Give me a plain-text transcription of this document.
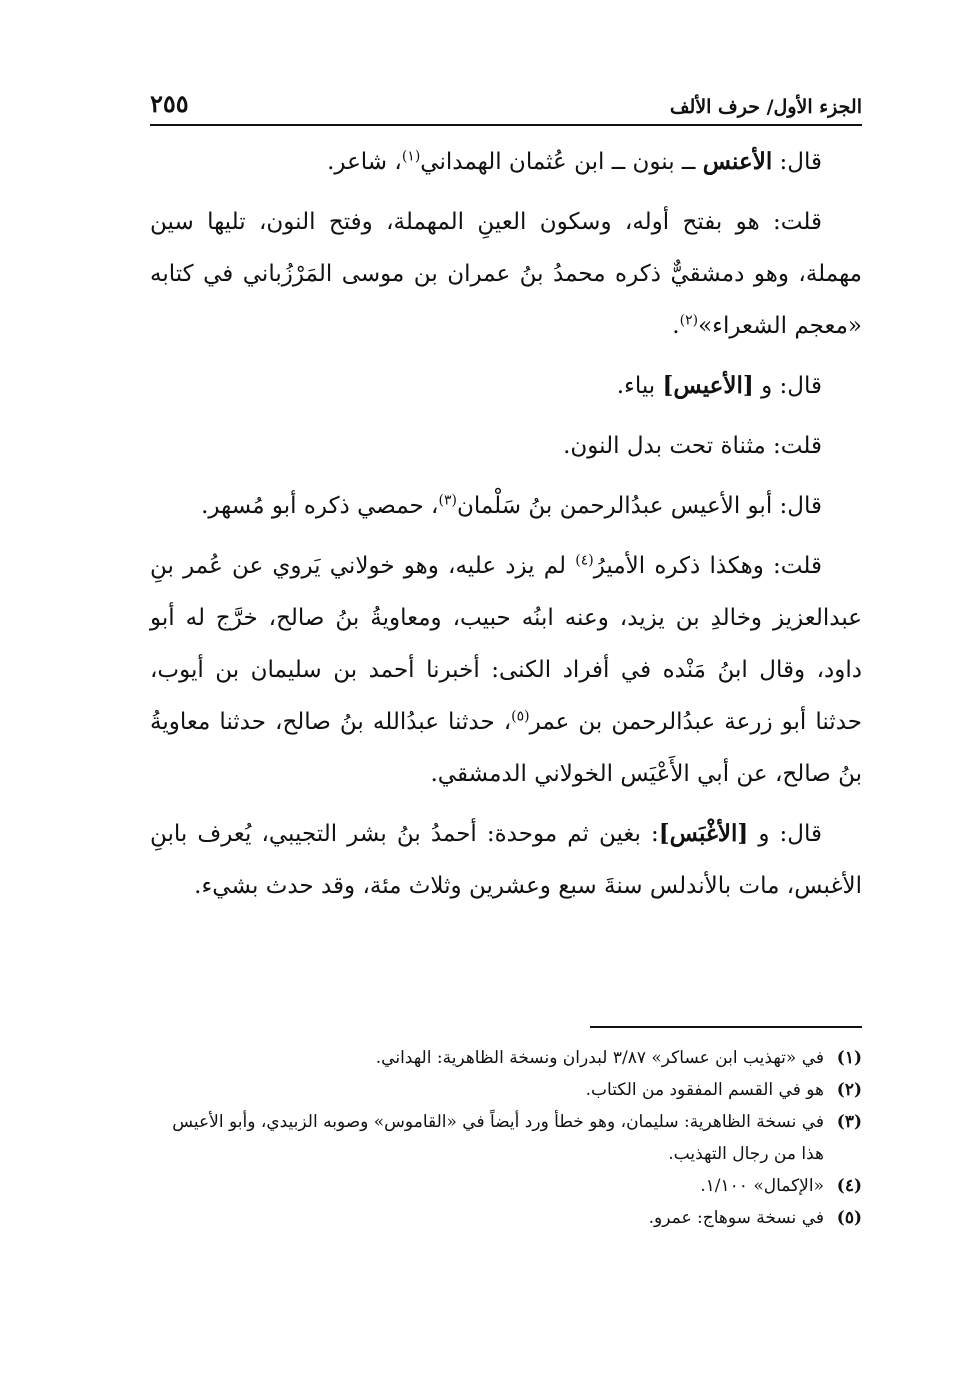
الجزء الأول/ حرف الألف
٢٥٥

قال: الأعنس ــ بنون ــ ابن عُثمان الهمداني$^{(١)}$، شاعر.

قلت: هو بفتح أوله، وسكون العينِ المهملة، وفتح النون، تليها سين مهملة، وهو دمشقيٌّ ذكره محمدُ بنُ عمران بن موسى المَرْزُباني في كتابه «معجم الشعراء»$^{(٢)}$.

قال: و [الأعيس] بياء.

قلت: مثناة تحت بدل النون.

قال: أبو الأعيس عبدُالرحمن بنُ سَلْمان$^{(٣)}$، حمصي ذكره أبو مُسهر.

قلت: وهكذا ذكره الأميرُ$^{(٤)}$ لم يزد عليه، وهو خولاني يَروي عن عُمر بنِ عبدالعزيز وخالدِ بن يزيد، وعنه ابنُه حبيب، ومعاويةُ بنُ صالح، خرَّج له أبو داود، وقال ابنُ مَنْده في أفراد الكنى: أخبرنا أحمد بن سليمان بن أيوب، حدثنا أبو زرعة عبدُالرحمن بن عمر$^{(٥)}$، حدثنا عبدُالله بنُ صالح، حدثنا معاويةُ بنُ صالح، عن أبي الأَعْيَس الخولاني الدمشقي.

قال: و [الأغْبَس]: بغين ثم موحدة: أحمدُ بنُ بشر التجيبي، يُعرف بابنِ الأغبس، مات بالأندلس سنةَ سبع وعشرين وثلاث مئة، وقد حدث بشيء.

(١)
في «تهذيب ابن عساكر» ٣/٨٧ لبدران ونسخة الظاهرية: الهداني.

(٢)
هو في القسم المفقود من الكتاب.

(٣)
في نسخة الظاهرية: سليمان، وهو خطأ ورد أيضاً في «القاموس» وصوبه الزبيدي، وأبو الأعيس هذا من رجال التهذيب.

(٤)
«الإكمال» ١/١٠٠.

(٥)
في نسخة سوهاج: عمرو.
